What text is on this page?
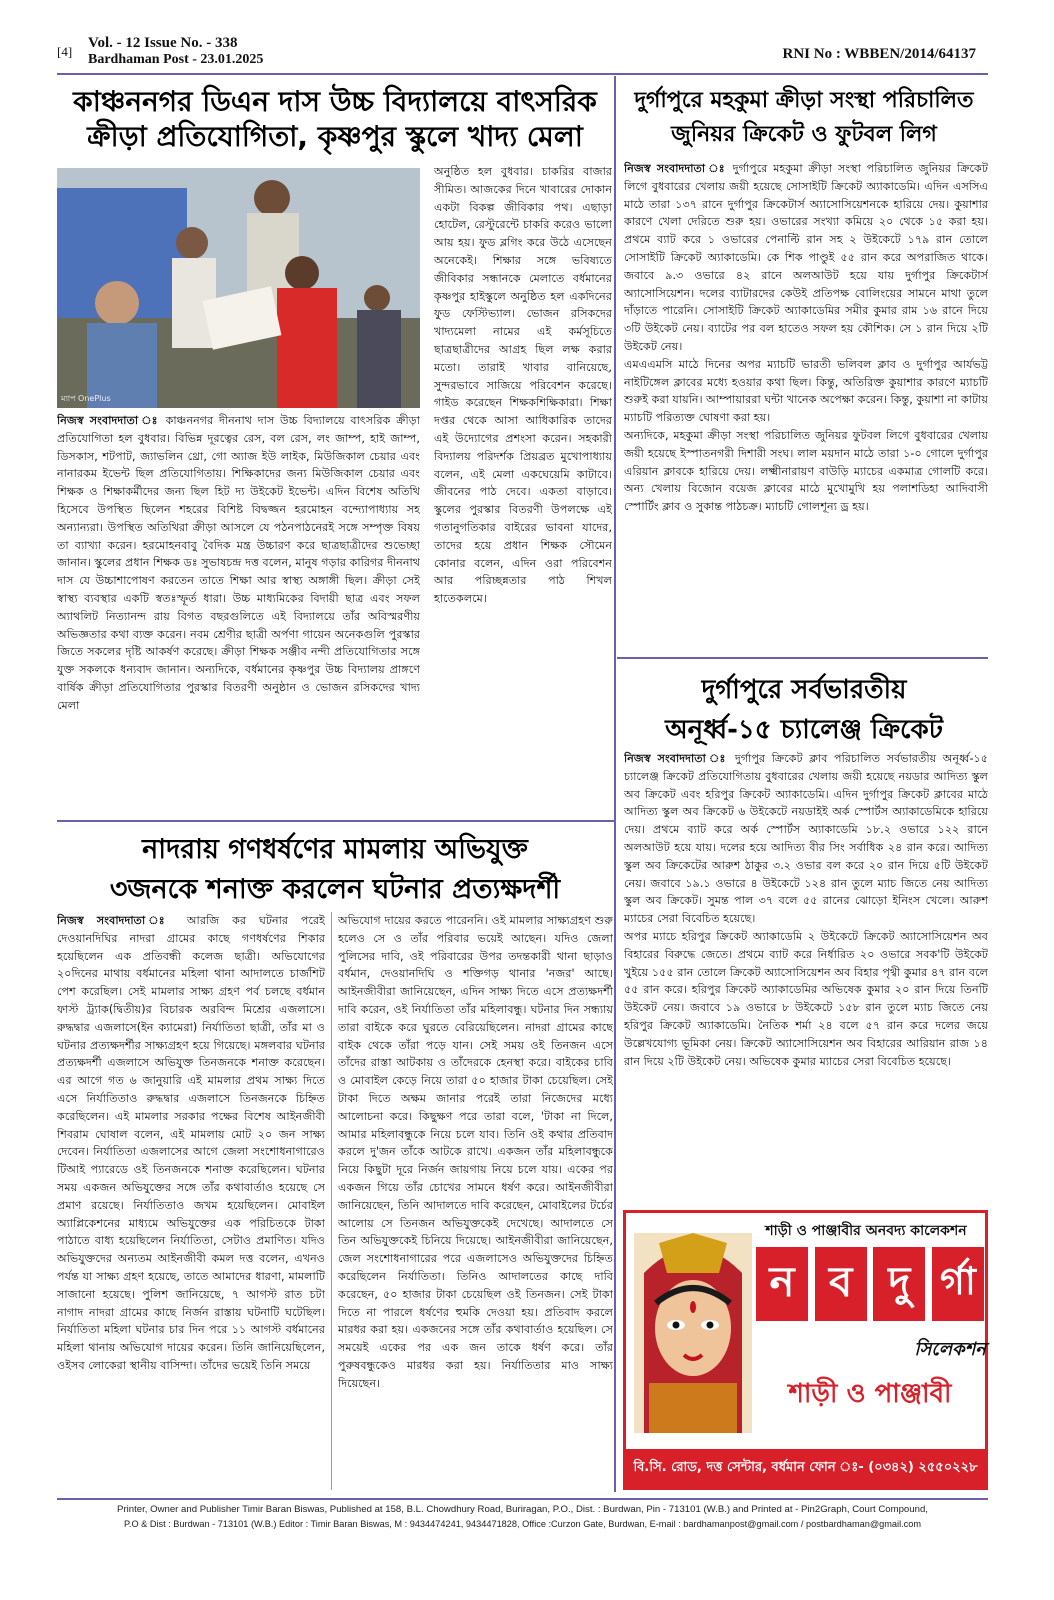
[4]
Vol. - 12 Issue No. - 338
Bardhaman Post - 23.01.2025	RNI No : WBBEN/2014/64137
কাঞ্চননগর ডিএন দাস উচ্চ বিদ্যালয়ে বাৎসরিক
ক্রীড়া প্রতিযোগিতা, কৃষ্ণপুর স্কুলে খাদ্য মেলা
ম্যাপ OnePlus
নিজস্ব সংবাদদাতা ঃ কাঞ্চননগর দীননাথ দাস উচ্চ বিদ্যালয়ে বাৎসরিক ক্রীড়া প্রতিযোগিতা হল বুধবার। বিভিন্ন দূরত্বের রেস, বল রেস, লং জাম্প, হাই জাম্প, ডিসকাস, শটপাট, জ্যাভলিন থ্রো, গো অ্যাজ ইউ লাইক, মিউজিকাল চেয়ার এবং নানারকম ইভেন্ট ছিল প্রতিযোগিতায়। শিক্ষিকাদের জন্য মিউজিকাল চেয়ার এবং শিক্ষক ও শিক্ষাকর্মীদের জন্য ছিল হিট দ্য উইকেট ইভেন্ট। এদিন বিশেষ অতিথি হিসেবে উপস্থিত ছিলেন শহরের বিশিষ্ট বিদ্বজ্জন হরমোহন বন্দ্যোপাধ্যায় সহ অন্যান্যরা। উপস্থিত অতিথিরা ক্রীড়া আসলে যে পঠনপাঠনেরই সঙ্গে সম্পৃক্ত বিষয় তা ব্যাখ্যা করেন। হরমোহনবাবু বৈদিক মন্ত্র উচ্চারণ করে ছাত্রছাত্রীদের শুভেচ্ছা জানান। স্কুলের প্রধান শিক্ষক ডঃ সুভাষচন্দ্র দত্ত বলেন, মানুষ গড়ার কারিগর দীননাথ দাস যে উচ্চাশাপোষণ করতেন তাতে শিক্ষা আর স্বাস্থ্য অঙ্গাঙ্গী ছিল। ক্রীড়া সেই স্বাস্থ্য ব্যবস্থার একটি স্বতঃস্ফূর্ত ধারা। উচ্চ মাধ্যমিকের বিদায়ী ছাত্র এবং সফল অ্যাথলিট নিত্যানন্দ রায় বিগত বছরগুলিতে এই বিদ্যালয়ে তাঁর অবিস্মরণীয় অভিজ্ঞতার কথা ব্যক্ত করেন। নবম শ্রেণীর ছাত্রী অর্পণা গায়েন অনেকগুলি পুরস্কার জিতে সকলের দৃষ্টি আকর্ষণ করেছে। ক্রীড়া শিক্ষক সঞ্জীব নন্দী প্রতিযোগিতার সঙ্গে যুক্ত সকলকে ধন্যবাদ জানান। অন্যদিকে, বর্ধমানের কৃষ্ণপুর উচ্চ বিদ্যালয় প্রাঙ্গণে বার্ষিক ক্রীড়া প্রতিযোগিতার পুরস্কার বিতরণী অনুষ্ঠান ও ভোজন রসিকদের খাদ্য মেলা
অনুষ্ঠিত হল বুধবার। চাকরির বাজার সীমিত। আজকের দিনে খাবারের দোকান একটা বিকল্প জীবিকার পথ। এছাড়া হোটেল, রেস্টুরেন্টে চাকরি করেও ভালো আয় হয়। ফুড ব্লগিং করে উঠে এসেছেন অনেকেই। শিক্ষার সঙ্গে ভবিষ্যতে জীবিকার সন্ধানকে মেলাতে বর্ধমানের কৃষ্ণপুর হাইস্কুলে অনুষ্ঠিত হল একদিনের ফুড ফেস্টিভ্যাল। ভোজন রসিকদের খাদ্যমেলা নামের এই কর্মসূচিতে ছাত্রছাত্রীদের আগ্রহ ছিল লক্ষ করার মতো। তারাই খাবার বানিয়েছে, সুন্দরভাবে সাজিয়ে পরিবেশন করেছে। গাইড করেছেন শিক্ষকশিক্ষিকারা। শিক্ষা দপ্তর থেকে আসা আধিকারিক তাদের এই উদ্যোগের প্রশংসা করেন। সহকারী বিদ্যালয় পরিদর্শক প্রিয়ব্রত মুখোপাধ্যায় বলেন, এই মেলা একঘেয়েমি কাটাবে। জীবনের পাঠ দেবে। একতা বাড়াবে। স্কুলের পুরস্কার বিতরণী উপলক্ষে এই গতানুগতিকার বাইরের ভাবনা যাদের, তাদের হয়ে প্রধান শিক্ষক সৌমেন কোনার বলেন, এদিন ওরা পরিবেশন আর পরিচ্ছন্নতার পাঠ শিখল হাতেকলমে।
দুর্গাপুরে মহকুমা ক্রীড়া সংস্থা পরিচালিত
জুনিয়র ক্রিকেট ও ফুটবল লিগ
নিজস্ব সংবাদদাতা ঃ দুর্গাপুরে মহকুমা ক্রীড়া সংস্থা পরিচালিত জুনিয়র ক্রিকেট লিগে বুধবারের খেলায় জয়ী হয়েছে সোসাইটি ক্রিকেট অ্যাকাডেমি। এদিন এসসিএ মাঠে তারা ১৩৭ রানে দুর্গাপুর ক্রিকেটার্স অ্যাসোসিয়েশনকে হারিয়ে দেয়। কুয়াশার কারণে খেলা দেরিতে শুরু হয়। ওভারের সংখ্যা কমিয়ে ২০ থেকে ১৫ করা হয়। প্রথমে ব্যাট করে ১ ওভারের পেনাল্টি রান সহ ২ উইকেটে ১৭৯ রান তোলে সোসাইটি ক্রিকেট অ্যাকাডেমি। কে শিক পাণ্ডুই ৫৫ রান করে অপরাজিত থাকে। জবাবে ৯.৩ ওভারে ৪২ রানে অলআউট হয়ে যায় দুর্গাপুর ক্রিকেটার্স অ্যাসোসিয়েশন। দলের ব্যাটারদের কেউই প্রতিপক্ষ বোলিংয়ের সামনে মাথা তুলে দাঁড়াতে পারেনি। সোসাইটি ক্রিকেট অ্যাকাডেমির সমীর কুমার রাম ১৬ রানে দিয়ে ৩টি উইকেট নেয়। ব্যাটের পর বল হাতেও সফল হয় কৌশিক। সে ১ রান দিয়ে ২টি উইকেট নেয়।
এমএএমসি মাঠে দিনের অপর ম্যাচটি ভারতী ভলিবল ক্লাব ও দুর্গাপুর আর্যভট্ট নাইটিঙ্গেল ক্লাবের মধ্যে হওয়ার কথা ছিল। কিন্তু, অতিরিক্ত কুয়াশার কারণে ম্যাচটি শুরুই করা যায়নি। আম্পায়াররা ঘন্টা খানেক অপেক্ষা করেন। কিন্তু, কুয়াশা না কাটায় ম্যাচটি পরিত্যক্ত ঘোষণা করা হয়।
অন্যদিকে, মহকুমা ক্রীড়া সংস্থা পরিচালিত জুনিয়র ফুটবল লিগে বুধবারের খেলায় জয়ী হয়েছে ইস্পাতনগরী দিশারী সংঘ। লাল ময়দান মাঠে তারা ১-০ গোলে দুর্গাপুর এরিয়ান ক্লাবকে হারিয়ে দেয়। লক্ষ্মীনারায়ণ বাউড়ি ম্যাচের একমাত্র গোলটি করে। অন্য খেলায় বিজোন বয়েজ ক্লাবের মাঠে মুখোমুখি হয় পলাশডিহা আদিবাসী স্পোর্টিং ক্লাব ও সুকান্ত পাঠচক্র। ম্যাচটি গোলশূন্য ড্র হয়।
দুর্গাপুরে সর্বভারতীয়
অনূর্ধ্ব-১৫ চ্যালেঞ্জ ক্রিকেট
নিজস্ব সংবাদদাতা ঃ দুর্গাপুর ক্রিকেট ক্লাব পরিচালিত সর্বভারতীয় অনূর্ধ্ব-১৫ চ্যালেঞ্জ ক্রিকেট প্রতিযোগিতায় বুধবারের খেলায় জয়ী হয়েছে নয়ডার আদিত্য স্কুল অব ক্রিকেট এবং হরিপুর ক্রিকেট অ্যাকাডেমি। এদিন দুর্গাপুর ক্রিকেট ক্লাবের মাঠে আদিত্য স্কুল অব ক্রিকেট ৬ উইকেটে নয়ডাইই অর্ক স্পোর্টস অ্যাকাডেমিকে হারিয়ে দেয়। প্রথমে ব্যাট করে অর্ক স্পোর্টস অ্যাকাডেমি ১৮.২ ওভারে ১২২ রানে অলআউট হয়ে যায়। দলের হয়ে আদিত্য বীর সিং সর্বাধিক ২৪ রান করে। আদিত্য স্কুল অব ক্রিকেটের আরুশ ঠাকুর ৩.২ ওভার বল করে ২০ রান দিয়ে ৫টি উইকেট নেয়। জবাবে ১৯.১ ওভারে ৪ উইকেটে ১২৪ রান তুলে ম্যাচ জিতে নেয় আদিত্য স্কুল অব ক্রিকেট। সুমন্ত পাল ৩৭ বলে ৫৫ রানের ঝোড়ো ইনিংস খেলে। আরুশ ম্যাচের সেরা বিবেচিত হয়েছে।
অপর ম্যাচে হরিপুর ক্রিকেট অ্যাকাডেমি ২ উইকেটে ক্রিকেট অ্যাসোসিয়েশন অব বিহারের বিরুদ্ধে জেতে। প্রথমে ব্যাট করে নির্ধারিত ২০ ওভারে সবক'টি উইকেট খুইয়ে ১৫৫ রান তোলে ক্রিকেট অ্যাসোসিয়েশন অব বিহার পৃথ্বী কুমার ৪৭ রান বলে ৫৫ রান করে। হরিপুর ক্রিকেট অ্যাকাডেমির অভিষেক কুমার ২০ রান দিয়ে তিনটি উইকেট নেয়। জবাবে ১৯ ওভারে ৮ উইকেটে ১৫৮ রান তুলে ম্যাচ জিতে নেয় হরিপুর ক্রিকেট অ্যাকাডেমি। নৈতিক শর্মা ২৪ বলে ৫৭ রান করে দলের জয়ে উল্লেখযোগ্য ভূমিকা নেয়। ক্রিকেট অ্যাসোসিয়েশন অব বিহারের আরিয়ান রাজ ১৪ রান দিয়ে ২টি উইকেট নেয়। অভিষেক কুমার ম্যাচের সেরা বিবেচিত হয়েছে।
নাদরায় গণধর্ষণের মামলায় অভিযুক্ত
৩জনকে শনাক্ত করলেন ঘটনার প্রত্যক্ষদর্শী
নিজস্ব সংবাদদাতা ঃ আরজি কর ঘটনার পরেই দেওয়ানদিঘির নাদরা গ্রামের কাছে গণধর্ষণের শিকার হয়েছিলেন এক প্রতিবন্ধী কলেজ ছাত্রী। অভিযোগের ২০দিনের মাথায় বর্ধমানের মহিলা থানা আদালতে চার্জশিট পেশ করেছিল। সেই মামলার সাক্ষ্য গ্রহণ পর্ব চলছে বর্ধমান ফাস্ট ট্র্যাক(দ্বিতীয়)র বিচারক অরবিন্দ মিশ্রের এজলাসে। রুদ্ধদ্বার এজলাসে(ইন ক্যামেরা) নির্যাতিতা ছাত্রী, তাঁর মা ও ঘটনার প্রত্যক্ষদর্শীর সাক্ষ্যগ্রহণ হয়ে গিয়েছে। মঙ্গলবার ঘটনার প্রত্যক্ষদর্শী এজলাসে অভিযুক্ত তিনজনকে শনাক্ত করেছেন। এর আগে গত ৬ জানুয়ারি এই মামলার প্রথম সাক্ষ্য দিতে এসে নির্যাতিতাও রুদ্ধদ্বার এজলাসে তিনজনকে চিহ্নিত করেছিলেন। এই মামলার সরকার পক্ষের বিশেষ আইনজীবী শিবরাম ঘোষাল বলেন, এই মামলায় মোট ২০ জন সাক্ষ্য দেবেন। নির্যাতিতা এজলাসের আগে জেলা সংশোধনাগারেও টিআই প্যারেডে ওই তিনজনকে শনাক্ত করেছিলেন। ঘটনার সময় একজন অভিযুক্তের সঙ্গে তাঁর কথাবার্তাও হয়েছে সে প্রমাণ রয়েছে। নির্যাতিতাও জখম হয়েছিলেন। মোবাইল অ্যাপ্লিকেশনের মাধ্যমে অভিযুক্তের এক পরিচিতকে টাকা পাঠাতে বাধ্য হয়েছিলেন নির্যাতিতা, সেটাও প্রমাণিত। যদিও অভিযুক্তদের অন্যতম আইনজীবী কমল দত্ত বলেন, এখনও পর্যন্ত যা সাক্ষ্য গ্রহণ হয়েছে, তাতে আমাদের ধারণা, মামলাটি সাজানো হয়েছে। পুলিশ জানিয়েছে, ৭ আগস্ট রাত চটা নাগাদ নাদরা গ্রামের কাছে নির্জন রাস্তায় ঘটনাটি ঘটেছিল। নির্যাতিতা মহিলা ঘটনার চার দিন পরে ১১ আগস্ট বর্ধমানের মহিলা থানায় অভিযোগ দায়ের করেন। তিনি জানিয়েছিলেন, ওইসব লোকেরা স্থানীয় বাসিন্দা। তাঁদের ভয়েই তিনি সময়ে
অভিযোগ দায়ের করতে পারেননি। ওই মামলার সাক্ষ্যগ্রহণ শুরু হলেও সে ও তাঁর পরিবার ভয়েই আছেন। যদিও জেলা পুলিসের দাবি, ওই পরিবারের উপর তদন্তকারী থানা ছাড়াও বর্ধমান, দেওয়ানদিঘি ও শক্তিগড় থানার 'নজর' আছে। আইনজীবীরা জানিয়েছেন, এদিন সাক্ষ্য দিতে এসে প্রত্যক্ষদর্শী দাবি করেন, ওই নির্যাতিতা তাঁর মহিলাবন্ধু। ঘটনার দিন সন্ধ্যায় তারা বাইকে করে ঘুরতে বেরিয়েছিলেন। নাদরা গ্রামের কাছে বাইক থেকে তাঁরা পড়ে যান। সেই সময় ওই তিনজন এসে তাঁদের রাস্তা আটকায় ও তাঁদেরকে হেনস্থা করে। বাইকের চাবি ও মোবাইল কেড়ে নিয়ে তারা ৫০ হাজার টাকা চেয়েছিল। সেই টাকা দিতে অক্ষম জানার পরেই তারা নিজেদের মধ্যে আলোচনা করে। কিছুক্ষণ পরে তারা বলে, 'টাকা না দিলে, আমার মহিলাবন্ধুকে নিয়ে চলে যাব। তিনি ওই কথার প্রতিবাদ করলে দু'জন তাঁকে আটকে রাখে। একজন তাঁর মহিলাবন্ধুকে নিয়ে কিছুটা দূরে নির্জন জায়গায় নিয়ে চলে যায়। একের পর একজন গিয়ে তাঁর চোখের সামনে ধর্ষণ করে। আইনজীবীরা জানিয়েছেন, তিনি আদালতে দাবি করেছেন, মোবাইলের টর্চের আলোয় সে তিনজন অভিযুক্তকেই দেখেছে। আদালতে সে তিন অভিযুক্তকেই চিনিয়ে দিয়েছে। আইনজীবীরা জানিয়েছেন, জেল সংশোধনাগারের পরে এজলাসেও অভিযুক্তদের চিহ্নিত করেছিলেন নির্যাতিতা। তিনিও আদালতের কাছে দাবি করেছেন, ৫০ হাজার টাকা চেয়েছিল ওই তিনজন। সেই টাকা দিতে না পারলে ধর্ষণের হুমকি দেওয়া হয়। প্রতিবাদ করলে মারধর করা হয়। একজনের সঙ্গে তাঁর কথাবার্তাও হয়েছিল। সে সময়েই একের পর এক জন তাকে ধর্ষণ করে। তাঁর পুরুষবন্ধুকেও মারধর করা হয়। নির্যাতিতার মাও সাক্ষ্য দিয়েছেন।
শাড়ী ও পাঞ্জাবীর অনবদ্য কালেকশন
ন ব দু র্গা
সিলেকশন
শাড়ী ও পাঞ্জাবী
বি.সি. রোড, দত্ত সেন্টার, বর্ধমান ফোন ঃ- (০৩৪২) ২৫৫০২২৮
Printer, Owner and Publisher Timir Baran Biswas, Published at 158, B.L. Chowdhury Road, Buriragan, P.O., Dist. : Burdwan, Pin - 713101 (W.B.) and Printed at - Pin2Graph, Court Compound,
P.O & Dist : Burdwan - 713101 (W.B.) Editor : Timir Baran Biswas, M : 9434474241, 9434471828, Office :Curzon Gate, Burdwan, E-mail : bardhamanpost@gmail.com / postbardhaman@gmail.com
